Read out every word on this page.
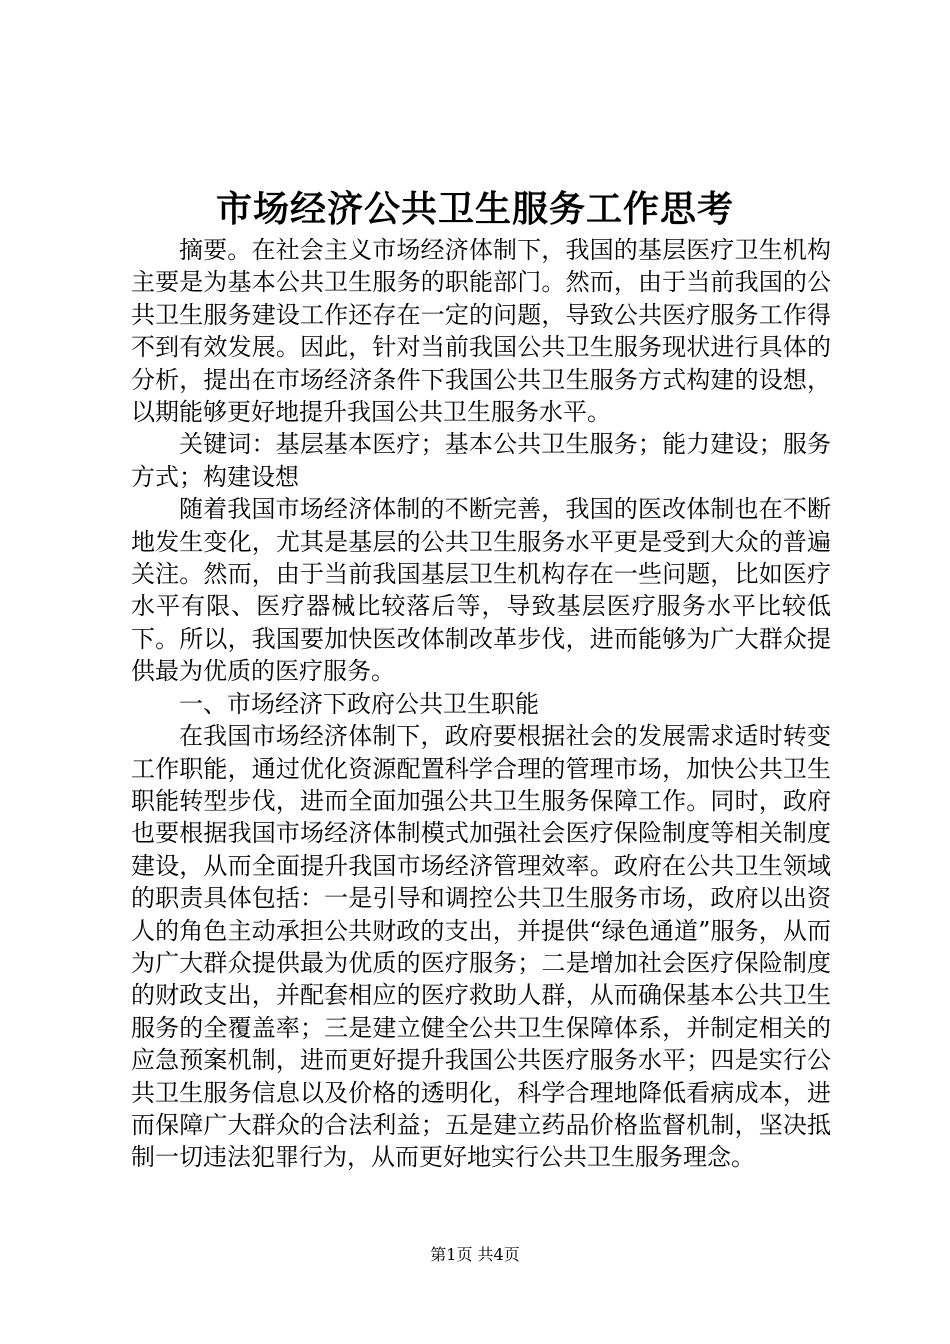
市场经济公共卫生服务工作思考

摘要。在社会主义市场经济体制下，我国的基层医疗卫生机构主要是为基本公共卫生服务的职能部门。然而，由于当前我国的公共卫生服务建设工作还存在一定的问题，导致公共医疗服务工作得不到有效发展。因此，针对当前我国公共卫生服务现状进行具体的分析，提出在市场经济条件下我国公共卫生服务方式构建的设想，以期能够更好地提升我国公共卫生服务水平。

关键词：基层基本医疗；基本公共卫生服务；能力建设；服务方式；构建设想

随着我国市场经济体制的不断完善，我国的医改体制也在不断地发生变化，尤其是基层的公共卫生服务水平更是受到大众的普遍关注。然而，由于当前我国基层卫生机构存在一些问题，比如医疗水平有限、医疗器械比较落后等，导致基层医疗服务水平比较低下。所以，我国要加快医改体制改革步伐，进而能够为广大群众提供最为优质的医疗服务。

一、市场经济下政府公共卫生职能

在我国市场经济体制下，政府要根据社会的发展需求适时转变工作职能，通过优化资源配置科学合理的管理市场，加快公共卫生职能转型步伐，进而全面加强公共卫生服务保障工作。同时，政府也要根据我国市场经济体制模式加强社会医疗保险制度等相关制度建设，从而全面提升我国市场经济管理效率。政府在公共卫生领域的职责具体包括：一是引导和调控公共卫生服务市场，政府以出资人的角色主动承担公共财政的支出，并提供“绿色通道”服务，从而为广大群众提供最为优质的医疗服务；二是增加社会医疗保险制度的财政支出，并配套相应的医疗救助人群，从而确保基本公共卫生服务的全覆盖率；三是建立健全公共卫生保障体系，并制定相关的应急预案机制，进而更好提升我国公共医疗服务水平；四是实行公共卫生服务信息以及价格的透明化，科学合理地降低看病成本，进而保障广大群众的合法利益；五是建立药品价格监督机制，坚决抵制一切违法犯罪行为，从而更好地实行公共卫生服务理念。

第1页 共4页
